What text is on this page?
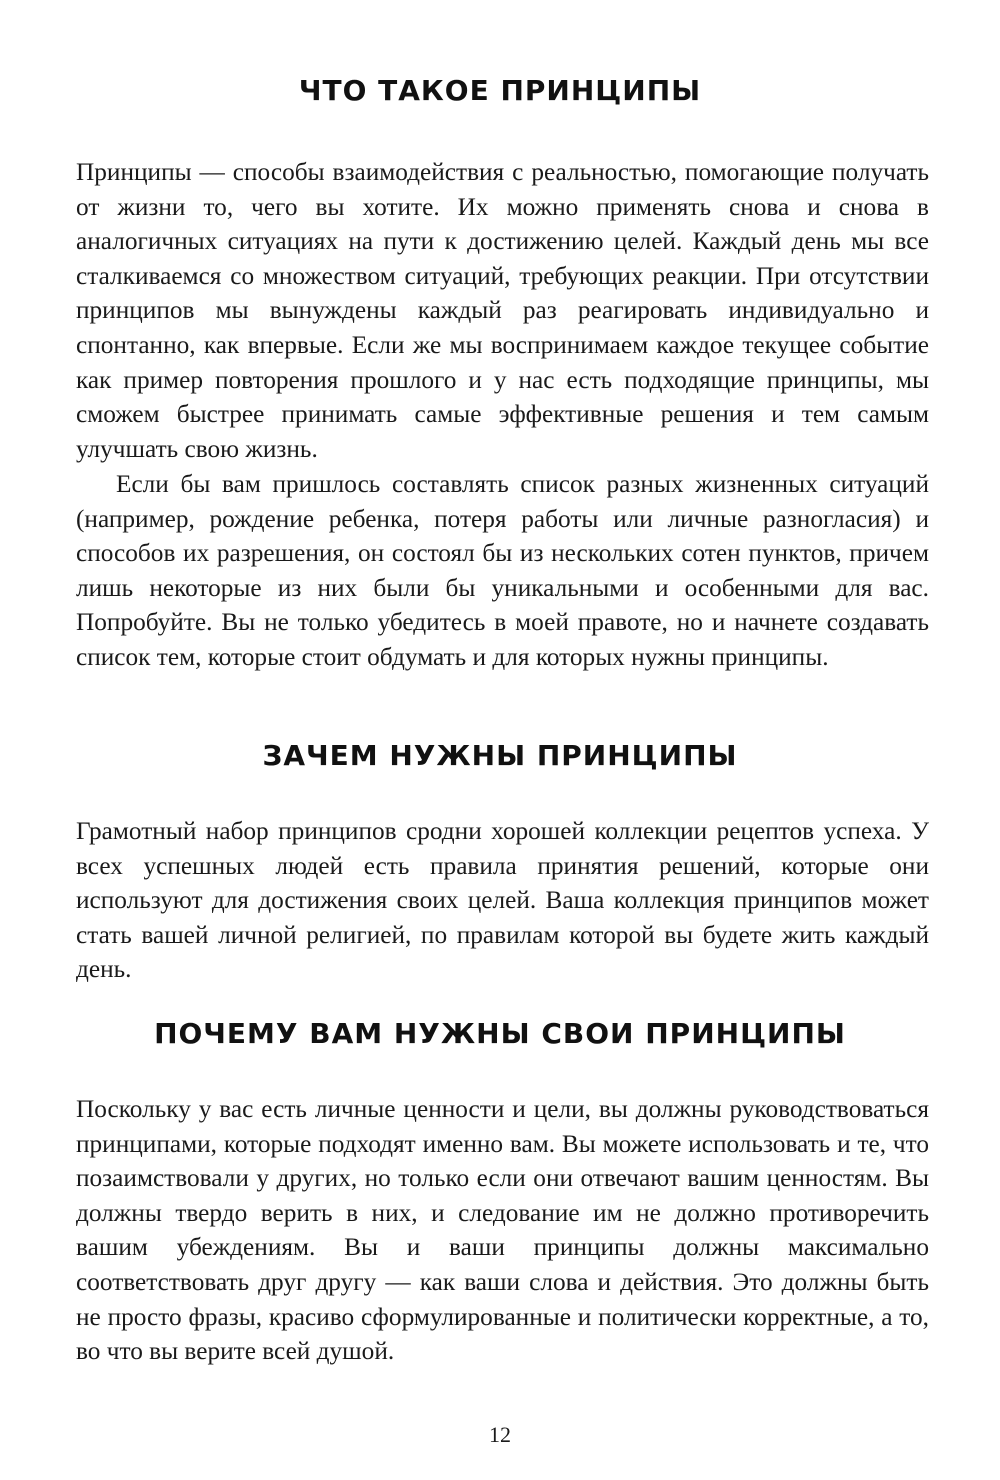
ЧТО ТАКОЕ ПРИНЦИПЫ

Принципы — способы взаимодействия с реальностью, помогающие получать от жизни то, чего вы хотите. Их можно применять снова и снова в аналогичных ситуациях на пути к достижению целей. Каждый день мы все сталкиваемся со множеством ситуаций, требующих реакции. При отсутствии принципов мы вынуждены каждый раз реагировать индивидуально и спонтанно, как впервые. Если же мы воспринимаем каждое текущее событие как пример повторения прошлого и у нас есть подходящие принципы, мы сможем быстрее принимать самые эффективные решения и тем самым улучшать свою жизнь.

Если бы вам пришлось составлять список разных жизненных ситуаций (например, рождение ребенка, потеря работы или личные разногласия) и способов их разрешения, он состоял бы из нескольких сотен пунктов, причем лишь некоторые из них были бы уникальными и особенными для вас. Попробуйте. Вы не только убедитесь в моей правоте, но и начнете создавать список тем, которые стоит обдумать и для которых нужны принципы.

ЗАЧЕМ НУЖНЫ ПРИНЦИПЫ

Грамотный набор принципов сродни хорошей коллекции рецептов успеха. У всех успешных людей есть правила принятия решений, которые они используют для достижения своих целей. Ваша коллекция принципов может стать вашей личной религией, по правилам которой вы будете жить каждый день.

ПОЧЕМУ ВАМ НУЖНЫ СВОИ ПРИНЦИПЫ

Поскольку у вас есть личные ценности и цели, вы должны руководствоваться принципами, которые подходят именно вам. Вы можете использовать и те, что позаимствовали у других, но только если они отвечают вашим ценностям. Вы должны твердо верить в них, и следование им не должно противоречить вашим убеждениям. Вы и ваши принципы должны максимально соответствовать друг другу — как ваши слова и действия. Это должны быть не просто фразы, красиво сформулированные и политически корректные, а то, во что вы верите всей душой.

12
